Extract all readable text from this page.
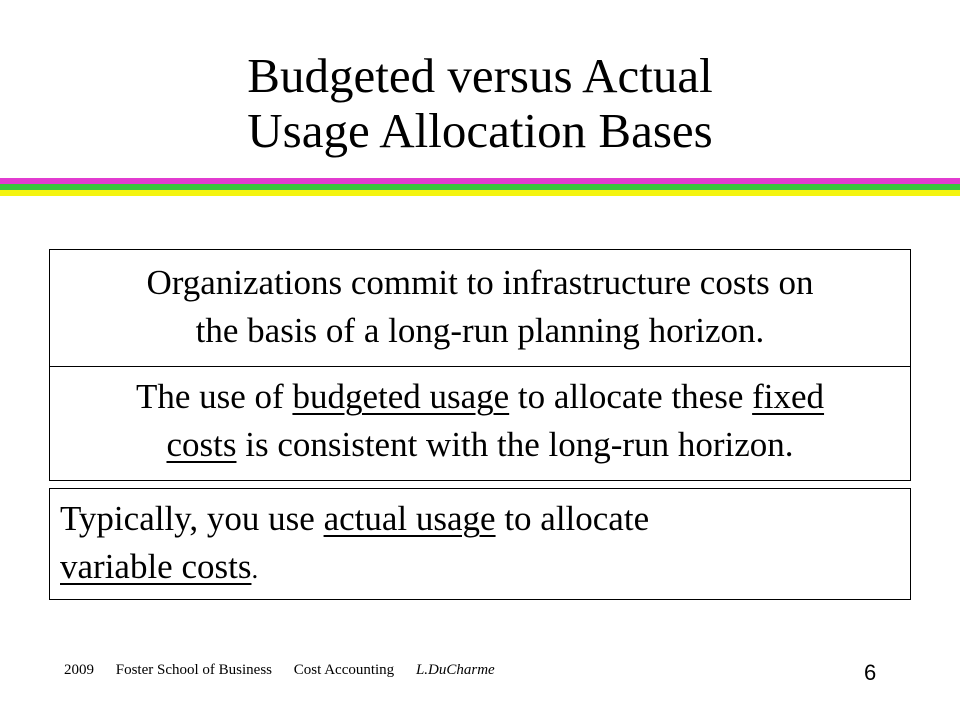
Budgeted versus Actual
Usage Allocation Bases
Organizations commit to infrastructure costs on
the basis of a long-run planning horizon.
The use of budgeted usage to allocate these fixed
costs is consistent with the long-run horizon.
Typically, you use actual usage to allocate
variable costs.
2009 Foster School of Business Cost Accounting L.DuCharme	6
